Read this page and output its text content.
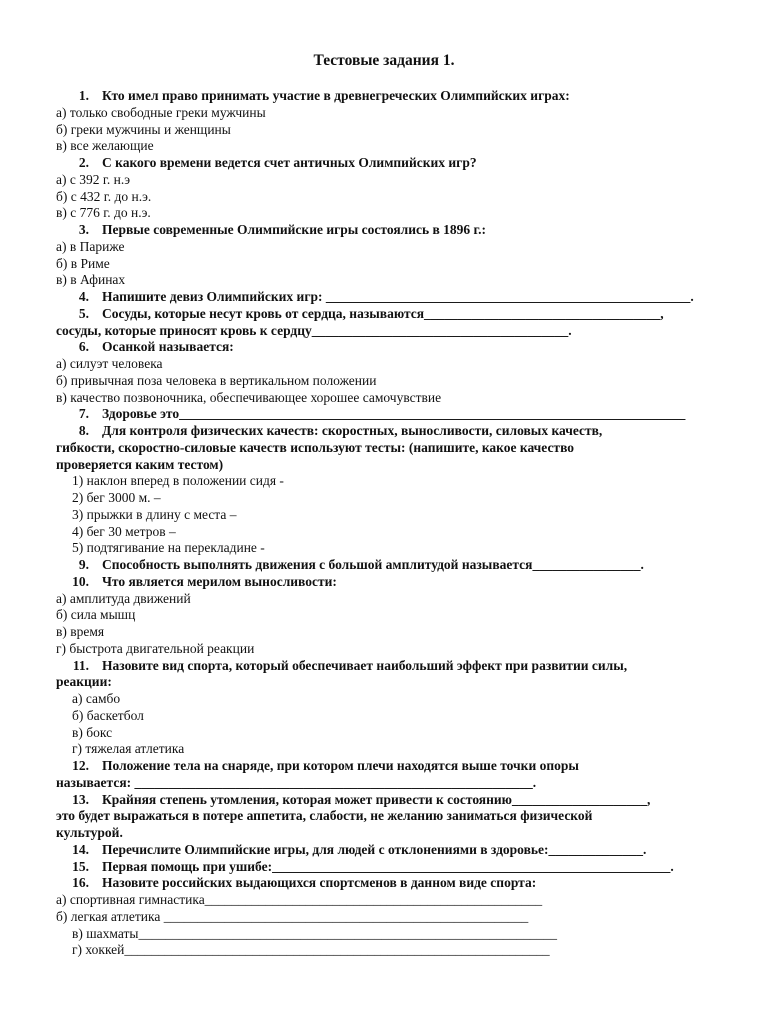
Тестовые задания 1.
1. Кто имел право принимать участие в древнегреческих Олимпийских играх:
а) только свободные греки мужчины
б) греки мужчины и женщины
в) все желающие
2. С какого времени ведется счет античных Олимпийских игр?
а) с 392 г. н.э
б) с 432 г. до н.э.
в) с 776 г. до н.э.
3. Первые современные Олимпийские игры состоялись в 1896 г.:
а) в Париже
б) в Риме
в) в Афинах
4. Напишите девиз Олимпийских игр: ______________________________________________________.
5. Сосуды, которые несут кровь от сердца, называются___________________________________,
сосуды, которые приносят кровь к сердцу______________________________________.
6. Осанкой называется:
а) силуэт человека
б) привычная поза человека в вертикальном положении
в) качество позвоночника, обеспечивающее хорошее самочувствие
7. Здоровье это___________________________________________________________________________
8. Для контроля физических качеств: скоростных, выносливости, силовых качеств,
гибкости, скоростно-силовые качеств используют тесты: (напишите, какое качество
проверяется каким тестом)
1) наклон вперед в положении сидя -
2) бег 3000 м. –
3) прыжки в длину с места –
4) бег 30 метров –
5) подтягивание на перекладине -
9. Способность выполнять движения с большой амплитудой называется________________.
10. Что является мерилом выносливости:
а) амплитуда движений
б) сила мышц
в) время
г) быстрота двигательной реакции
11. Назовите вид спорта, который обеспечивает наибольший эффект при развитии силы,
реакции:
а) самбо
б) баскетбол
в) бокс
г) тяжелая атлетика
12. Положение тела на снаряде, при котором плечи находятся выше точки опоры
называется: ___________________________________________________________.
13. Крайняя степень утомления, которая может привести к состоянию____________________,
это будет выражаться в потере аппетита, слабости, не желанию заниматься физической
культурой.
14. Перечислите Олимпийские игры, для людей с отклонениями в здоровье:______________.
15. Первая помощь при ушибе:___________________________________________________________.
16. Назовите российских выдающихся спортсменов в данном виде спорта:
а) спортивная гимнастика__________________________________________________
б) легкая атлетика ______________________________________________________
в) шахматы______________________________________________________________
г) хоккей_______________________________________________________________
